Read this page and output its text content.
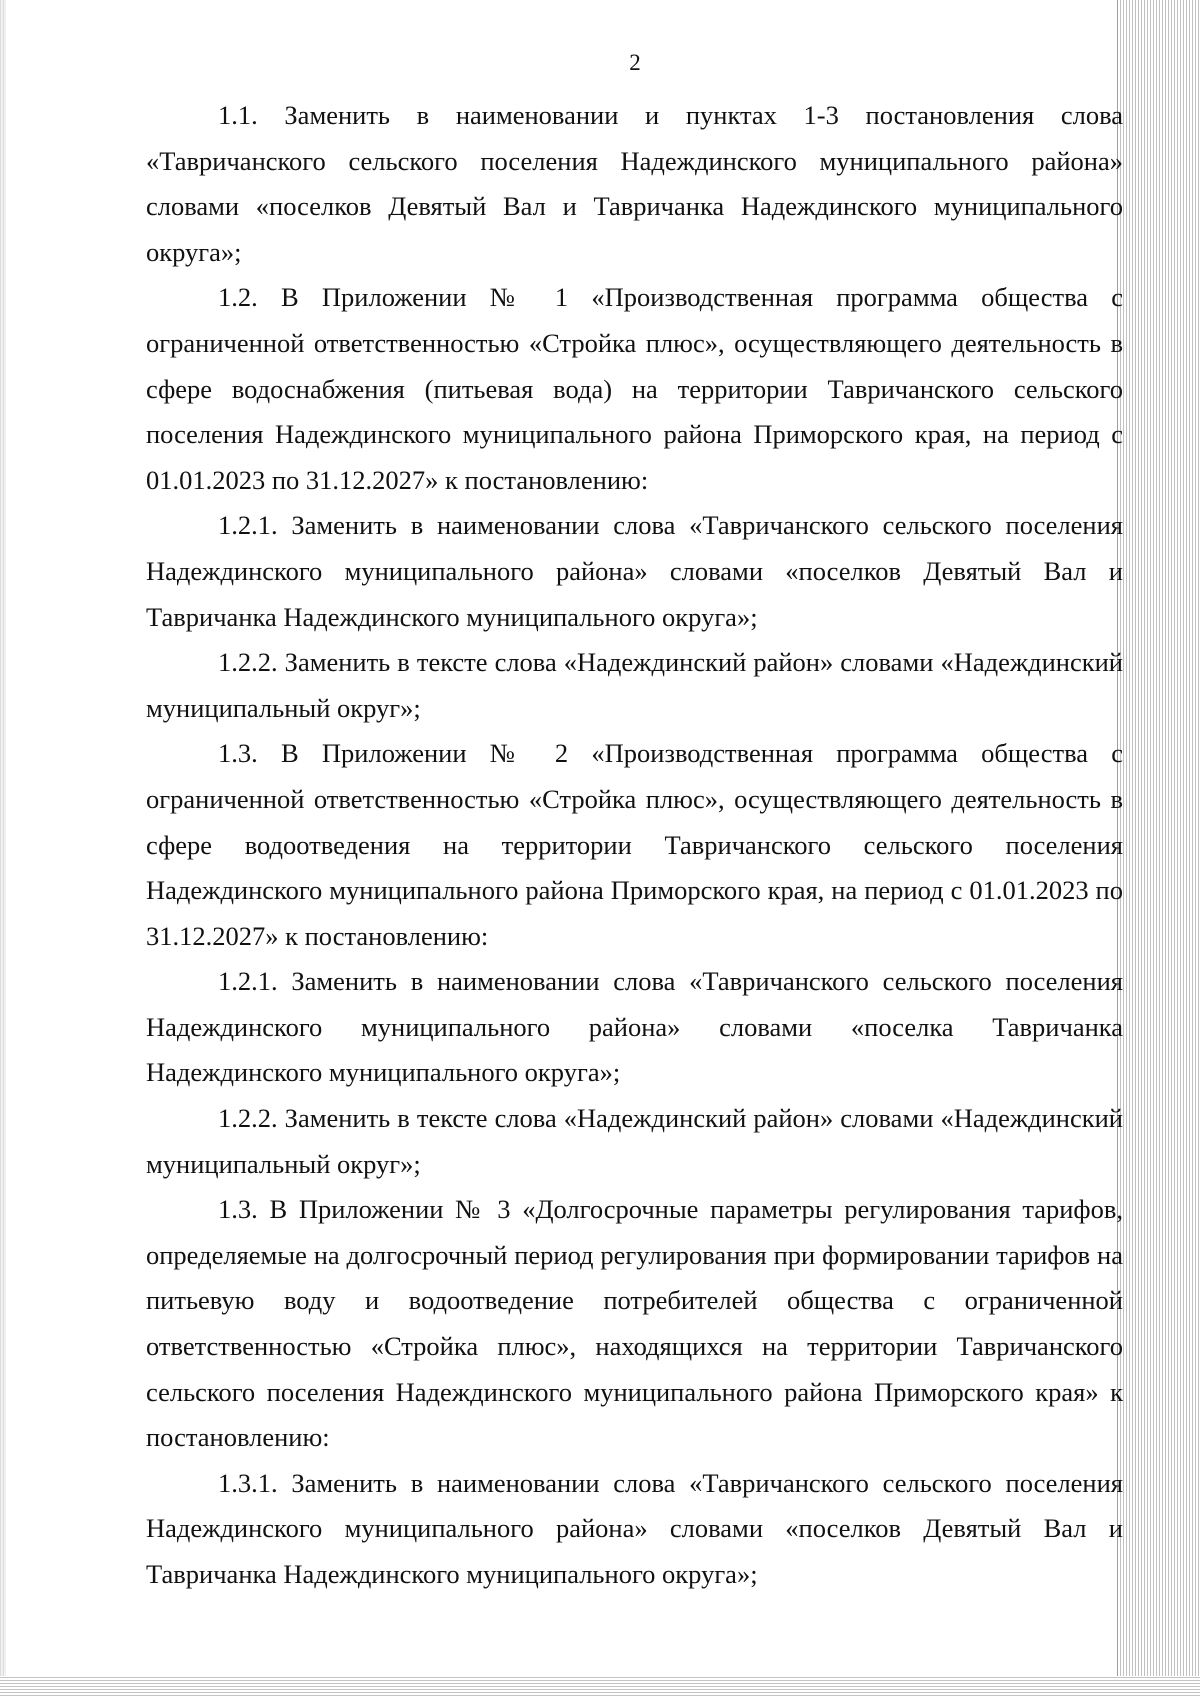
2

1.1. Заменить в наименовании и пунктах 1-3 постановления слова «Тавричанского сельского поселения Надеждинского муниципального района» словами «поселков Девятый Вал и Тавричанка Надеждинского муниципального округа»;

1.2. В Приложении № 1 «Производственная программа общества с ограниченной ответственностью «Стройка плюс», осуществляющего деятельность в сфере водоснабжения (питьевая вода) на территории Тавричанского сельского поселения Надеждинского муниципального района Приморского края, на период с 01.01.2023 по 31.12.2027» к постановлению:

1.2.1. Заменить в наименовании слова «Тавричанского сельского поселения Надеждинского муниципального района» словами «поселков Девятый Вал и Тавричанка Надеждинского муниципального округа»;

1.2.2. Заменить в тексте слова «Надеждинский район» словами «Надеждинский муниципальный округ»;

1.3. В Приложении № 2 «Производственная программа общества с ограниченной ответственностью «Стройка плюс», осуществляющего деятельность в сфере водоотведения на территории Тавричанского сельского поселения Надеждинского муниципального района Приморского края, на период с 01.01.2023 по 31.12.2027» к постановлению:

1.2.1. Заменить в наименовании слова «Тавричанского сельского поселения Надеждинского муниципального района» словами «поселка Тавричанка Надеждинского муниципального округа»;

1.2.2. Заменить в тексте слова «Надеждинский район» словами «Надеждинский муниципальный округ»;

1.3. В Приложении № 3 «Долгосрочные параметры регулирования тарифов, определяемые на долгосрочный период регулирования при формировании тарифов на питьевую воду и водоотведение потребителей общества с ограниченной ответственностью «Стройка плюс», находящихся на территории Тавричанского сельского поселения Надеждинского муниципального района Приморского края» к постановлению:

1.3.1. Заменить в наименовании слова «Тавричанского сельского поселения Надеждинского муниципального района» словами «поселков Девятый Вал и Тавричанка Надеждинского муниципального округа»;
